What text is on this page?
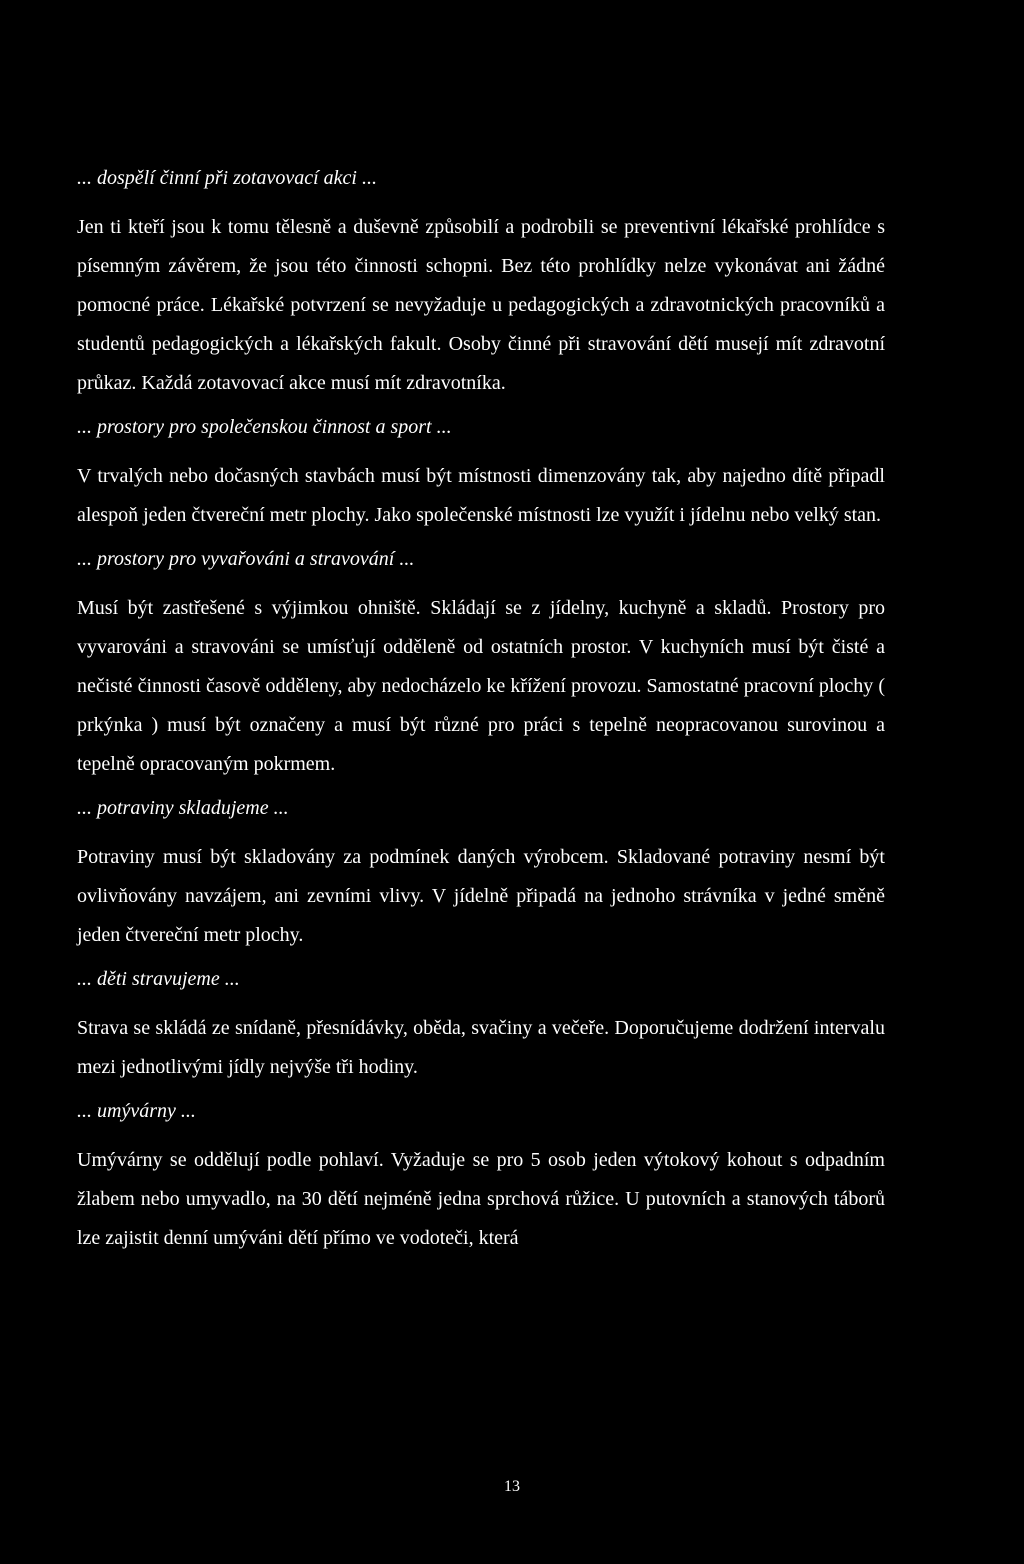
... dospělí činní při zotavovací akci ...
Jen ti kteří jsou k tomu tělesně a duševně způsobilí a podrobili se preventivní lékařské prohlídce s písemným závěrem, že jsou této činnosti schopni. Bez této prohlídky nelze vykonávat ani žádné pomocné práce. Lékařské potvrzení se nevyžaduje u pedagogických a zdravotnických pracovníků a studentů pedagogických a lékařských fakult. Osoby činné při stravování dětí musejí mít zdravotní průkaz. Každá zotavovací akce musí mít zdravotníka.
... prostory pro společenskou činnost a sport ...
V trvalých nebo dočasných stavbách musí být místnosti dimenzovány tak, aby najedno dítě připadl alespoň jeden čtvereční metr plochy. Jako společenské místnosti lze využít i jídelnu nebo velký stan.
... prostory pro vyvařováni a stravování ...
Musí být zastřešené s výjimkou ohniště. Skládají se z jídelny, kuchyně a skladů. Prostory pro vyvarováni a stravováni se umísťují odděleně od ostatních prostor. V kuchyních musí být čisté a nečisté činnosti časově odděleny, aby nedocházelo ke křížení provozu. Samostatné pracovní plochy ( prkýnka ) musí být označeny a musí být různé pro práci s tepelně neopracovanou surovinou a tepelně opracovaným pokrmem.
... potraviny skladujeme ...
Potraviny musí být skladovány za podmínek daných výrobcem. Skladované potraviny nesmí být ovlivňovány navzájem, ani zevními vlivy. V jídelně připadá na jednoho strávníka v jedné směně jeden čtvereční metr plochy.
... děti stravujeme ...
Strava se skládá ze snídaně, přesnídávky, oběda, svačiny a večeře. Doporučujeme dodržení intervalu mezi jednotlivými jídly nejvýše tři hodiny.
... umývárny ...
Umývárny se oddělují podle pohlaví. Vyžaduje se pro 5 osob jeden výtokový kohout s odpadním žlabem nebo umyvadlo, na 30 dětí nejméně jedna sprchová růžice. U putovních a stanových táborů lze zajistit denní umýváni dětí přímo ve vodoteči, která
13
